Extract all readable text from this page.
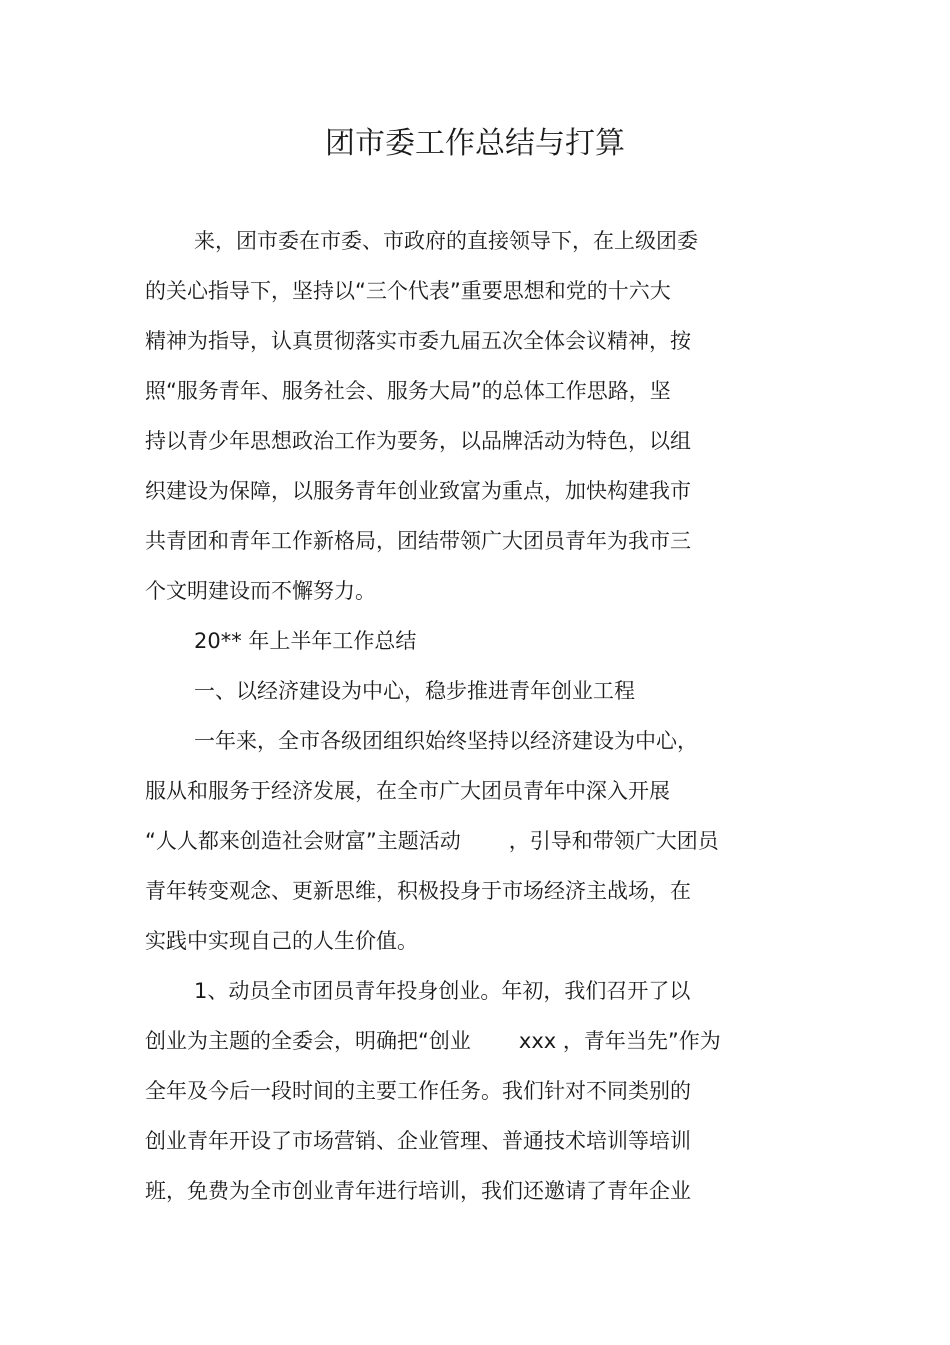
团市委工作总结与打算
来，团市委在市委、市政府的直接领导下，在上级团委
的关心指导下，坚持以“三个代表”重要思想和党的十六大
精神为指导，认真贯彻落实市委九届五次全体会议精神，按
照“服务青年、服务社会、服务大局”的总体工作思路，坚
持以青少年思想政治工作为要务，以品牌活动为特色，以组
织建设为保障，以服务青年创业致富为重点，加快构建我市
共青团和青年工作新格局，团结带领广大团员青年为我市三
个文明建设而不懈努力。
20** 年上半年工作总结
一、以经济建设为中心，稳步推进青年创业工程
一年来，全市各级团组织始终坚持以经济建设为中心，
服从和服务于经济发展，在全市广大团员青年中深入开展
“人人都来创造社会财富”主题活动 ，引导和带领广大团员
青年转变观念、更新思维，积极投身于市场经济主战场，在
实践中实现自己的人生价值。
1、动员全市团员青年投身创业。年初，我们召开了以
创业为主题的全委会，明确把“创业 xxx ，青年当先”作为
全年及今后一段时间的主要工作任务。我们针对不同类别的
创业青年开设了市场营销、企业管理、普通技术培训等培训
班，免费为全市创业青年进行培训，我们还邀请了青年企业
